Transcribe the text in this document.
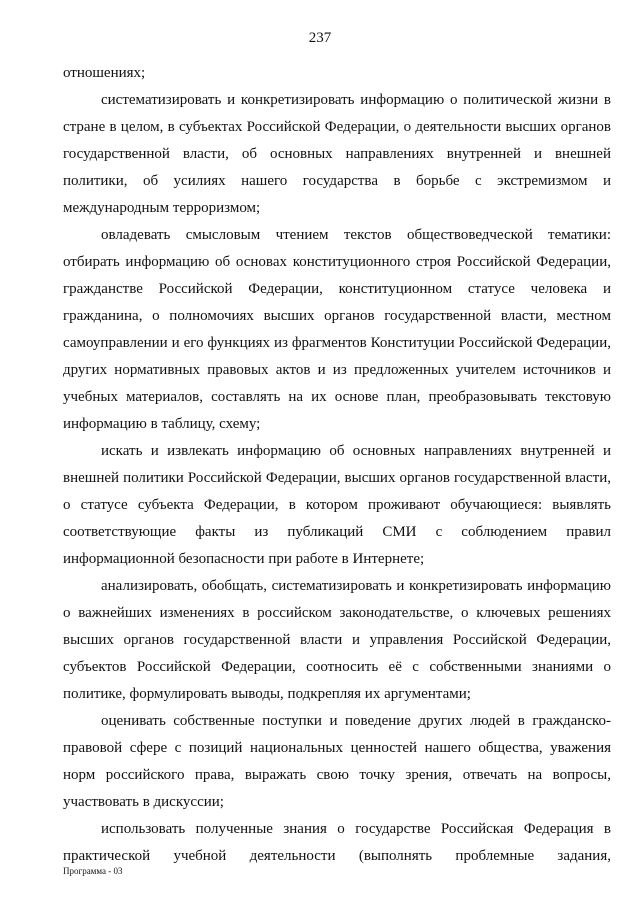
237

отношениях;

систематизировать и конкретизировать информацию о политической жизни в стране в целом, в субъектах Российской Федерации, о деятельности высших органов государственной власти, об основных направлениях внутренней и внешней политики, об усилиях нашего государства в борьбе с экстремизмом и международным терроризмом;

овладевать смысловым чтением текстов обществоведческой тематики: отбирать информацию об основах конституционного строя Российской Федерации, гражданстве Российской Федерации, конституционном статусе человека и гражданина, о полномочиях высших органов государственной власти, местном самоуправлении и его функциях из фрагментов Конституции Российской Федерации, других нормативных правовых актов и из предложенных учителем источников и учебных материалов, составлять на их основе план, преобразовывать текстовую информацию в таблицу, схему;

искать и извлекать информацию об основных направлениях внутренней и внешней политики Российской Федерации, высших органов государственной власти, о статусе субъекта Федерации, в котором проживают обучающиеся: выявлять соответствующие факты из публикаций СМИ с соблюдением правил информационной безопасности при работе в Интернете;

анализировать, обобщать, систематизировать и конкретизировать информацию о важнейших изменениях в российском законодательстве, о ключевых решениях высших органов государственной власти и управления Российской Федерации, субъектов Российской Федерации, соотносить её с собственными знаниями о политике, формулировать выводы, подкрепляя их аргументами;

оценивать собственные поступки и поведение других людей в гражданско-правовой сфере с позиций национальных ценностей нашего общества, уважения норм российского права, выражать свою точку зрения, отвечать на вопросы, участвовать в дискуссии;

использовать полученные знания о государстве Российская Федерация в практической учебной деятельности (выполнять проблемные задания,

Программа - 03
